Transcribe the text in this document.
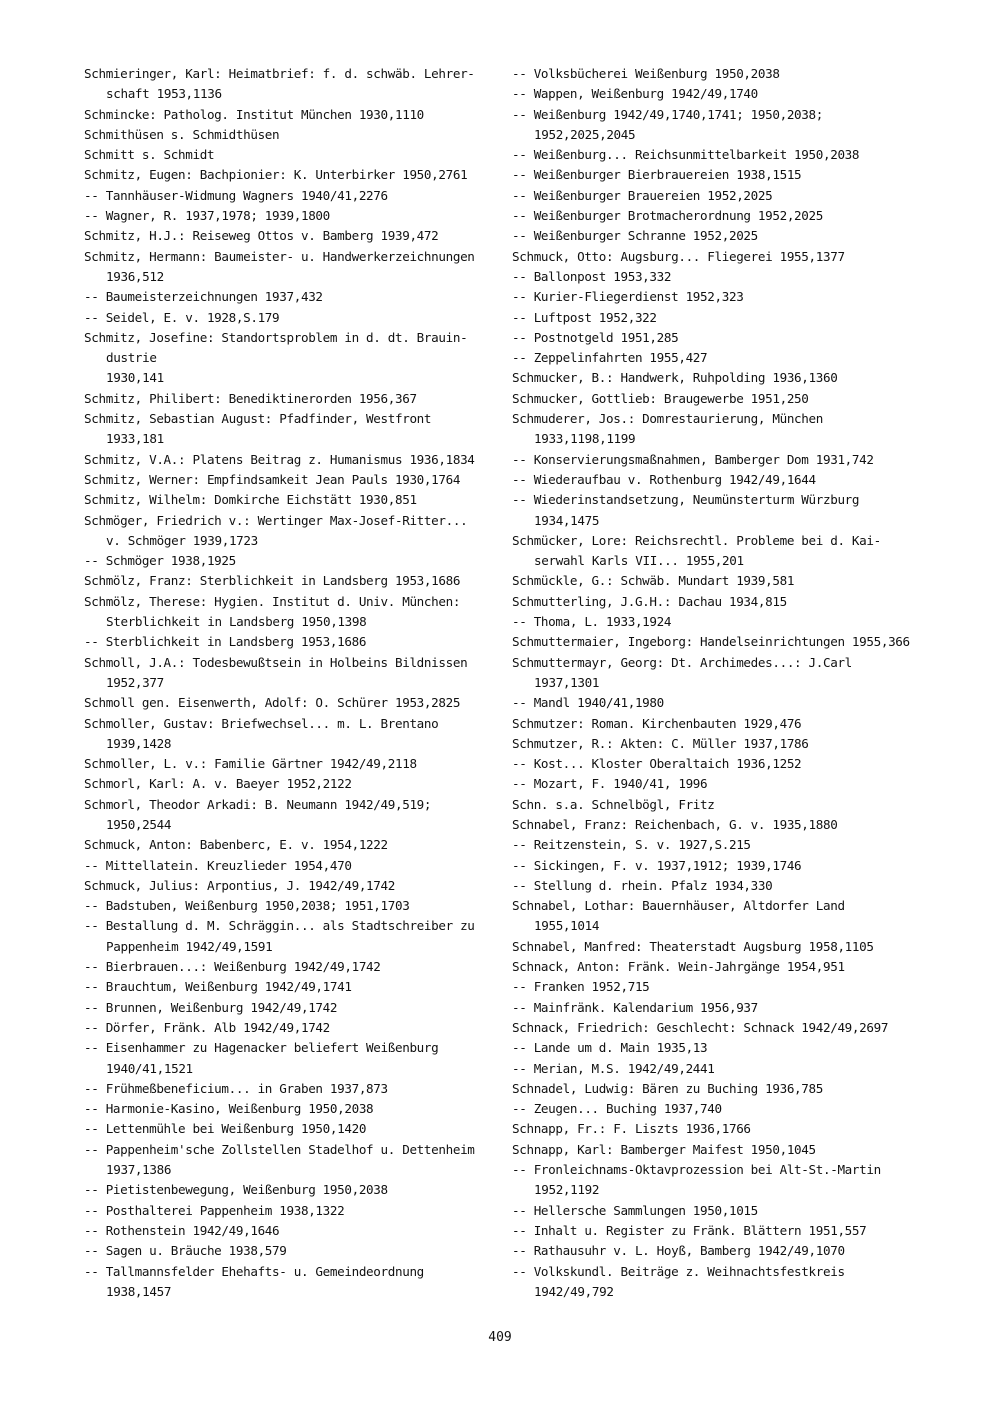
Schmieringer, Karl: Heimatbrief: f. d. schwäb. Lehrer-
schaft 1953,1136
Schmincke: Patholog. Institut München 1930,1110
Schmithüsen s. Schmidthüsen
Schmitt s. Schmidt
Schmitz, Eugen: Bachpionier: K. Unterbirker 1950,2761
-- Tannhäuser-Widmung Wagners 1940/41,2276
-- Wagner, R. 1937,1978; 1939,1800
Schmitz, H.J.: Reiseweg Ottos v. Bamberg 1939,472
Schmitz, Hermann: Baumeister- u. Handwerkerzeichnungen
1936,512
-- Baumeisterzeichnungen 1937,432
-- Seidel, E. v. 1928,S.179
Schmitz, Josefine: Standortsproblem in d. dt. Brauin-
dustrie
1930,141
Schmitz, Philibert: Benediktinerorden 1956,367
Schmitz, Sebastian August: Pfadfinder, Westfront
1933,181
Schmitz, V.A.: Platens Beitrag z. Humanismus 1936,1834
Schmitz, Werner: Empfindsamkeit Jean Pauls 1930,1764
Schmitz, Wilhelm: Domkirche Eichstätt 1930,851
Schmöger, Friedrich v.: Wertinger Max-Josef-Ritter...
v. Schmöger 1939,1723
-- Schmöger 1938,1925
Schmölz, Franz: Sterblichkeit in Landsberg 1953,1686
Schmölz, Therese: Hygien. Institut d. Univ. München:
Sterblichkeit in Landsberg 1950,1398
-- Sterblichkeit in Landsberg 1953,1686
Schmoll, J.A.: Todesbewußtsein in Holbeins Bildnissen
1952,377
Schmoll gen. Eisenwerth, Adolf: O. Schürer 1953,2825
Schmoller, Gustav: Briefwechsel... m. L. Brentano
1939,1428
Schmoller, L. v.: Familie Gärtner 1942/49,2118
Schmorl, Karl: A. v. Baeyer 1952,2122
Schmorl, Theodor Arkadi: B. Neumann 1942/49,519;
1950,2544
Schmuck, Anton: Babenberc, E. v. 1954,1222
-- Mittellatein. Kreuzlieder 1954,470
Schmuck, Julius: Arpontius, J. 1942/49,1742
-- Badstuben, Weißenburg 1950,2038; 1951,1703
-- Bestallung d. M. Schräggin... als Stadtschreiber zu
Pappenheim 1942/49,1591
-- Bierbrauen...: Weißenburg 1942/49,1742
-- Brauchtum, Weißenburg 1942/49,1741
-- Brunnen, Weißenburg 1942/49,1742
-- Dörfer, Fränk. Alb 1942/49,1742
-- Eisenhammer zu Hagenacker beliefert Weißenburg
1940/41,1521
-- Frühmeßbeneficium... in Graben 1937,873
-- Harmonie-Kasino, Weißenburg 1950,2038
-- Lettenmühle bei Weißenburg 1950,1420
-- Pappenheim'sche Zollstellen Stadelhof u. Dettenheim
1937,1386
-- Pietistenbewegung, Weißenburg 1950,2038
-- Posthalterei Pappenheim 1938,1322
-- Rothenstein 1942/49,1646
-- Sagen u. Bräuche 1938,579
-- Tallmannsfelder Ehehafts- u. Gemeindeordnung
1938,1457
-- Volksbücherei Weißenburg 1950,2038
-- Wappen, Weißenburg 1942/49,1740
-- Weißenburg 1942/49,1740,1741; 1950,2038;
1952,2025,2045
-- Weißenburg... Reichsunmittelbarkeit 1950,2038
-- Weißenburger Bierbrauereien 1938,1515
-- Weißenburger Brauereien 1952,2025
-- Weißenburger Brotmacherordnung 1952,2025
-- Weißenburger Schranne 1952,2025
Schmuck, Otto: Augsburg... Fliegerei 1955,1377
-- Ballonpost 1953,332
-- Kurier-Fliegerdienst 1952,323
-- Luftpost 1952,322
-- Postnotgeld 1951,285
-- Zeppelinfahrten 1955,427
Schmucker, B.: Handwerk, Ruhpolding 1936,1360
Schmucker, Gottlieb: Braugewerbe 1951,250
Schmuderer, Jos.: Domrestaurierung, München
1933,1198,1199
-- Konservierungsmaßnahmen, Bamberger Dom 1931,742
-- Wiederaufbau v. Rothenburg 1942/49,1644
-- Wiederinstandsetzung, Neumünsterturm Würzburg
1934,1475
Schmücker, Lore: Reichsrechtl. Probleme bei d. Kai-
serwahl Karls VII... 1955,201
Schmückle, G.: Schwäb. Mundart 1939,581
Schmutterling, J.G.H.: Dachau 1934,815
-- Thoma, L. 1933,1924
Schmuttermaier, Ingeborg: Handelseinrichtungen 1955,366
Schmuttermayr, Georg: Dt. Archimedes...: J.Carl
1937,1301
-- Mandl 1940/41,1980
Schmutzer: Roman. Kirchenbauten 1929,476
Schmutzer, R.: Akten: C. Müller 1937,1786
-- Kost... Kloster Oberaltaich 1936,1252
-- Mozart, F. 1940/41, 1996
Schn. s.a. Schnelbögl, Fritz
Schnabel, Franz: Reichenbach, G. v. 1935,1880
-- Reitzenstein, S. v. 1927,S.215
-- Sickingen, F. v. 1937,1912; 1939,1746
-- Stellung d. rhein. Pfalz 1934,330
Schnabel, Lothar: Bauernhäuser, Altdorfer Land
1955,1014
Schnabel, Manfred: Theaterstadt Augsburg 1958,1105
Schnack, Anton: Fränk. Wein-Jahrgänge 1954,951
-- Franken 1952,715
-- Mainfränk. Kalendarium 1956,937
Schnack, Friedrich: Geschlecht: Schnack 1942/49,2697
-- Lande um d. Main 1935,13
-- Merian, M.S. 1942/49,2441
Schnadel, Ludwig: Bären zu Buching 1936,785
-- Zeugen... Buching 1937,740
Schnapp, Fr.: F. Liszts 1936,1766
Schnapp, Karl: Bamberger Maifest 1950,1045
-- Fronleichnams-Oktavprozession bei Alt-St.-Martin
1952,1192
-- Hellersche Sammlungen 1950,1015
-- Inhalt u. Register zu Fränk. Blättern 1951,557
-- Rathausuhr v. L. Hoyß, Bamberg 1942/49,1070
-- Volkskundl. Beiträge z. Weihnachtsfestkreis
1942/49,792
409
